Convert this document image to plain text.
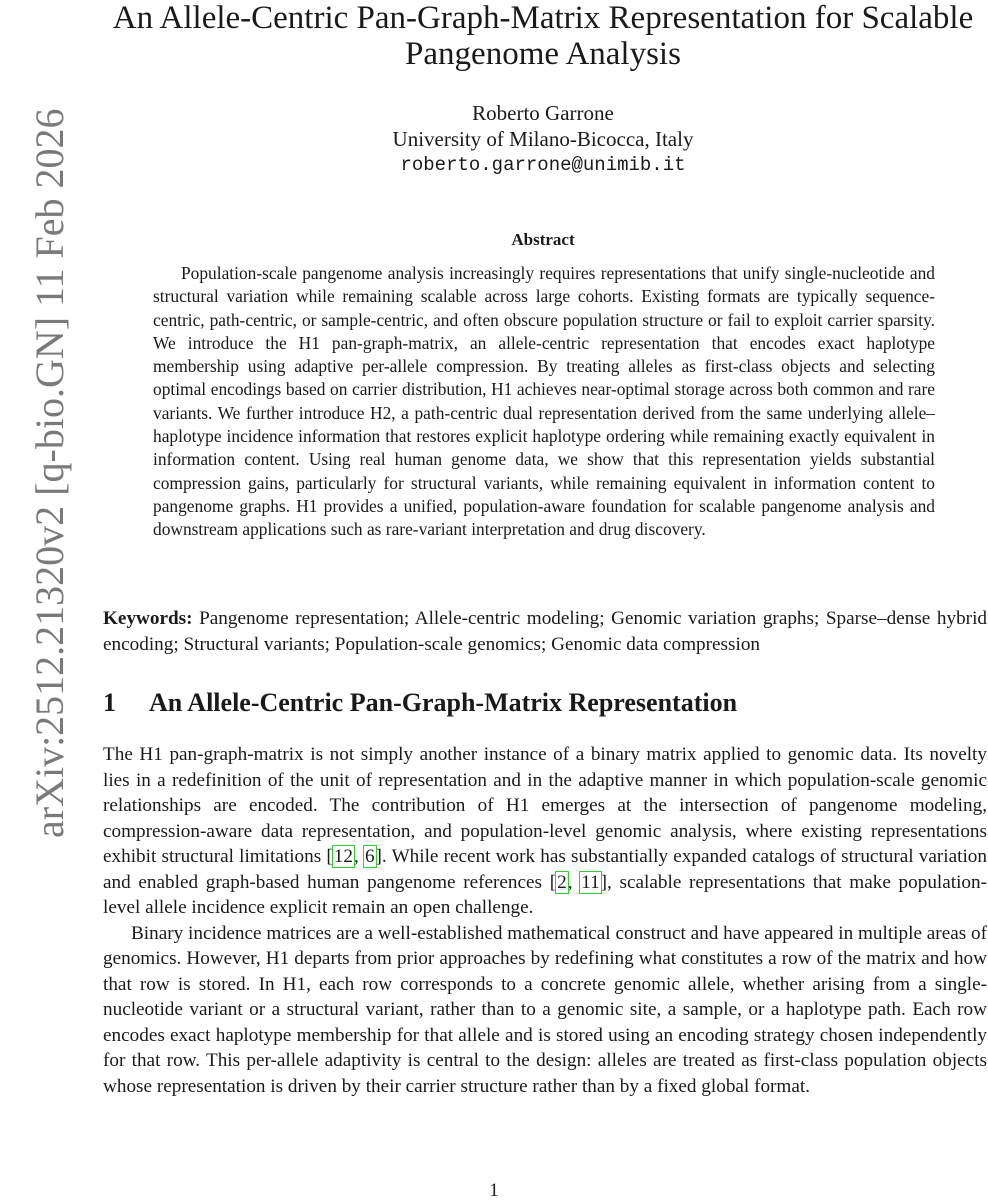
arXiv:2512.21320v2 [q-bio.GN] 11 Feb 2026
An Allele-Centric Pan-Graph-Matrix Representation for Scalable Pangenome Analysis
Roberto Garrone
University of Milano-Bicocca, Italy
roberto.garrone@unimib.it
Abstract

Population-scale pangenome analysis increasingly requires representations that unify single-nucleotide and structural variation while remaining scalable across large cohorts. Existing formats are typically sequence-centric, path-centric, or sample-centric, and often obscure population structure or fail to exploit carrier sparsity. We introduce the H1 pan-graph-matrix, an allele-centric representation that encodes exact haplotype membership using adaptive per-allele compression. By treating alleles as first-class objects and selecting optimal encodings based on carrier distribution, H1 achieves near-optimal storage across both common and rare variants. We further introduce H2, a path-centric dual representation derived from the same underlying allele–haplotype incidence information that restores explicit haplotype ordering while remaining exactly equivalent in information content. Using real human genome data, we show that this representation yields substantial compression gains, particularly for structural variants, while remaining equivalent in information content to pangenome graphs. H1 provides a unified, population-aware foundation for scalable pangenome analysis and downstream applications such as rare-variant interpretation and drug discovery.

Keywords: Pangenome representation; Allele-centric modeling; Genomic variation graphs; Sparse–dense hybrid encoding; Structural variants; Population-scale genomics; Genomic data compression

1 An Allele-Centric Pan-Graph-Matrix Representation

The H1 pan-graph-matrix is not simply another instance of a binary matrix applied to genomic data. Its novelty lies in a redefinition of the unit of representation and in the adaptive manner in which population-scale genomic relationships are encoded. The contribution of H1 emerges at the intersection of pangenome modeling, compression-aware data representation, and population-level genomic analysis, where existing representations exhibit structural limitations [12, 6]. While recent work has substantially expanded catalogs of structural variation and enabled graph-based human pangenome references [2, 11], scalable representations that make population-level allele incidence explicit remain an open challenge.

Binary incidence matrices are a well-established mathematical construct and have appeared in multiple areas of genomics. However, H1 departs from prior approaches by redefining what constitutes a row of the matrix and how that row is stored. In H1, each row corresponds to a concrete genomic allele, whether arising from a single-nucleotide variant or a structural variant, rather than to a genomic site, a sample, or a haplotype path. Each row encodes exact haplotype membership for that allele and is stored using an encoding strategy chosen independently for that row. This per-allele adaptivity is central to the design: alleles are treated as first-class population objects whose representation is driven by their carrier structure rather than by a fixed global format.

1
